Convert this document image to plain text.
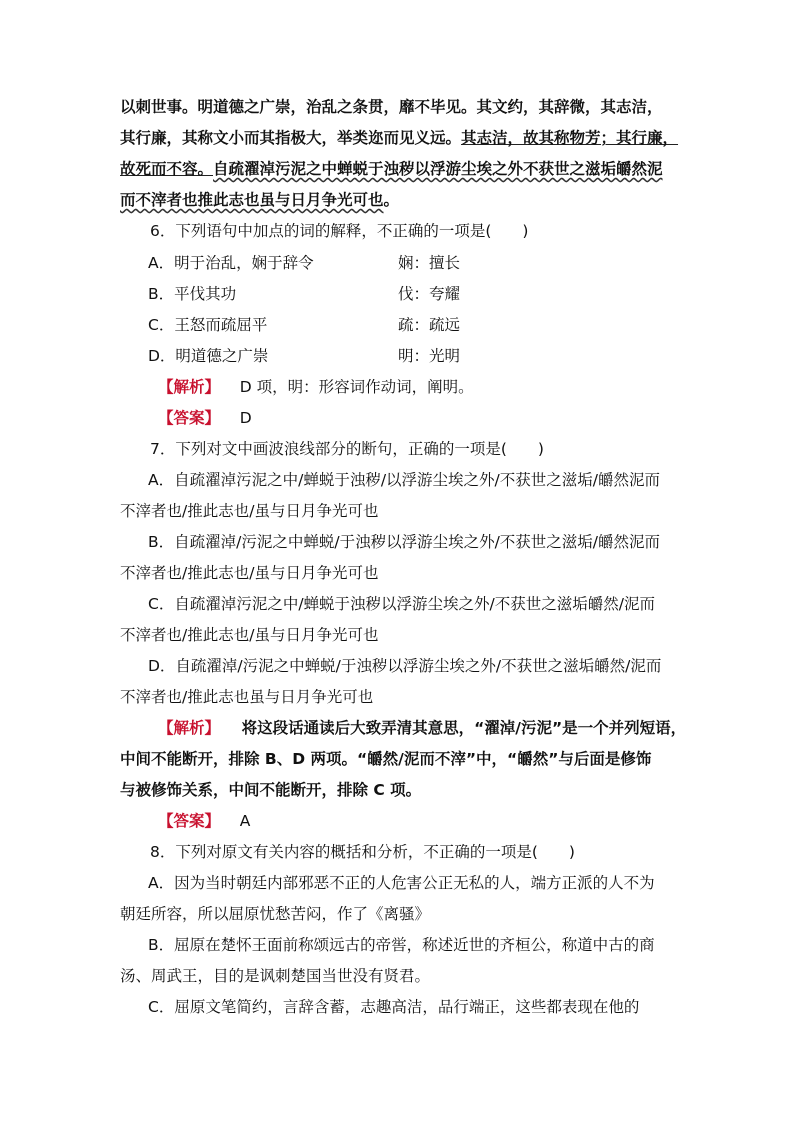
以刺世事。明道德之广崇，治乱之条贯，靡不毕见。其文约，其辞微，其志洁，
其行廉，其称文小而其指极大，举类迩而见义远。其志洁，故其称物芳；其行廉，
故死而不容。自疏濯淖污泥之中蝉蜕于浊秽以浮游尘埃之外不获世之滋垢皭然泥
而不滓者也推此志也虽与日月争光可也。
6．下列语句中加点的词的解释，不正确的一项是(　　)
A．明于治乱，娴于辞令	娴：擅长
B．平伐其功	伐：夸耀
C．王怒而疏屈平	疏：疏远
D．明道德之广崇	明：光明
【解析】 D 项，明：形容词作动词，阐明。
【答案】 D
7．下列对文中画波浪线部分的断句，正确的一项是(　　)
A．自疏濯淖污泥之中/蝉蜕于浊秽/以浮游尘埃之外/不获世之滋垢/皭然泥而
不滓者也/推此志也/虽与日月争光可也
B．自疏濯淖/污泥之中蝉蜕/于浊秽以浮游尘埃之外/不获世之滋垢/皭然泥而
不滓者也/推此志也/虽与日月争光可也
C．自疏濯淖污泥之中/蝉蜕于浊秽以浮游尘埃之外/不获世之滋垢皭然/泥而
不滓者也/推此志也/虽与日月争光可也
D．自疏濯淖/污泥之中蝉蜕/于浊秽以浮游尘埃之外/不获世之滋垢皭然/泥而
不滓者也/推此志也虽与日月争光可也
【解析】 将这段话通读后大致弄清其意思，“濯淖/污泥”是一个并列短语，
中间不能断开，排除 B、D 两项。“皭然/泥而不滓”中，“皭然”与后面是修饰
与被修饰关系，中间不能断开，排除 C 项。
【答案】 A
8．下列对原文有关内容的概括和分析，不正确的一项是(　　)
A．因为当时朝廷内部邪恶不正的人危害公正无私的人，端方正派的人不为
朝廷所容，所以屈原忧愁苦闷，作了《离骚》
B．屈原在楚怀王面前称颂远古的帝喾，称述近世的齐桓公，称道中古的商
汤、周武王，目的是讽刺楚国当世没有贤君。
C．屈原文笔简约，言辞含蓄，志趣高洁，品行端正，这些都表现在他的
